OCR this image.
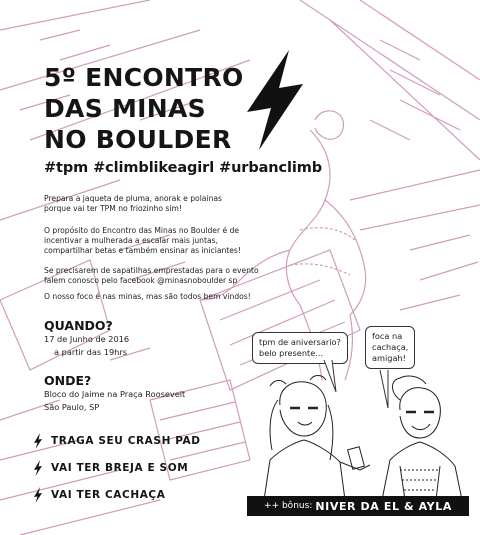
5º ENCONTRO
DAS MINAS
NO BOULDER
#tpm #climblikeagirl #urbanclimb
Prepara a jaqueta de pluma, anorak e polainas
porque vai ter TPM no friozinho sim!
O propósito do Encontro das Minas no Boulder é de
incentivar a mulherada a escalar mais juntas,
compartilhar betas e também ensinar as iniciantes!
Se precisarem de sapatilhas emprestadas para o evento
falem conosco pelo facebook @minasnoboulder sp
O nosso foco é nas minas, mas são todos bem vindos!
QUANDO?
17 de Junho de 2016
a partir das 19hrs
ONDE?
Bloco do Jaime na Praça Roosevelt
São Paulo, SP
TRAGA SEU CRASH PAD
VAI TER BREJA E SOM
VAI TER CACHAÇA
tpm de aniversario?
belo presente...
foca na
cachaça,
amigah!
++ bônus: NIVER DA EL & AYLA
